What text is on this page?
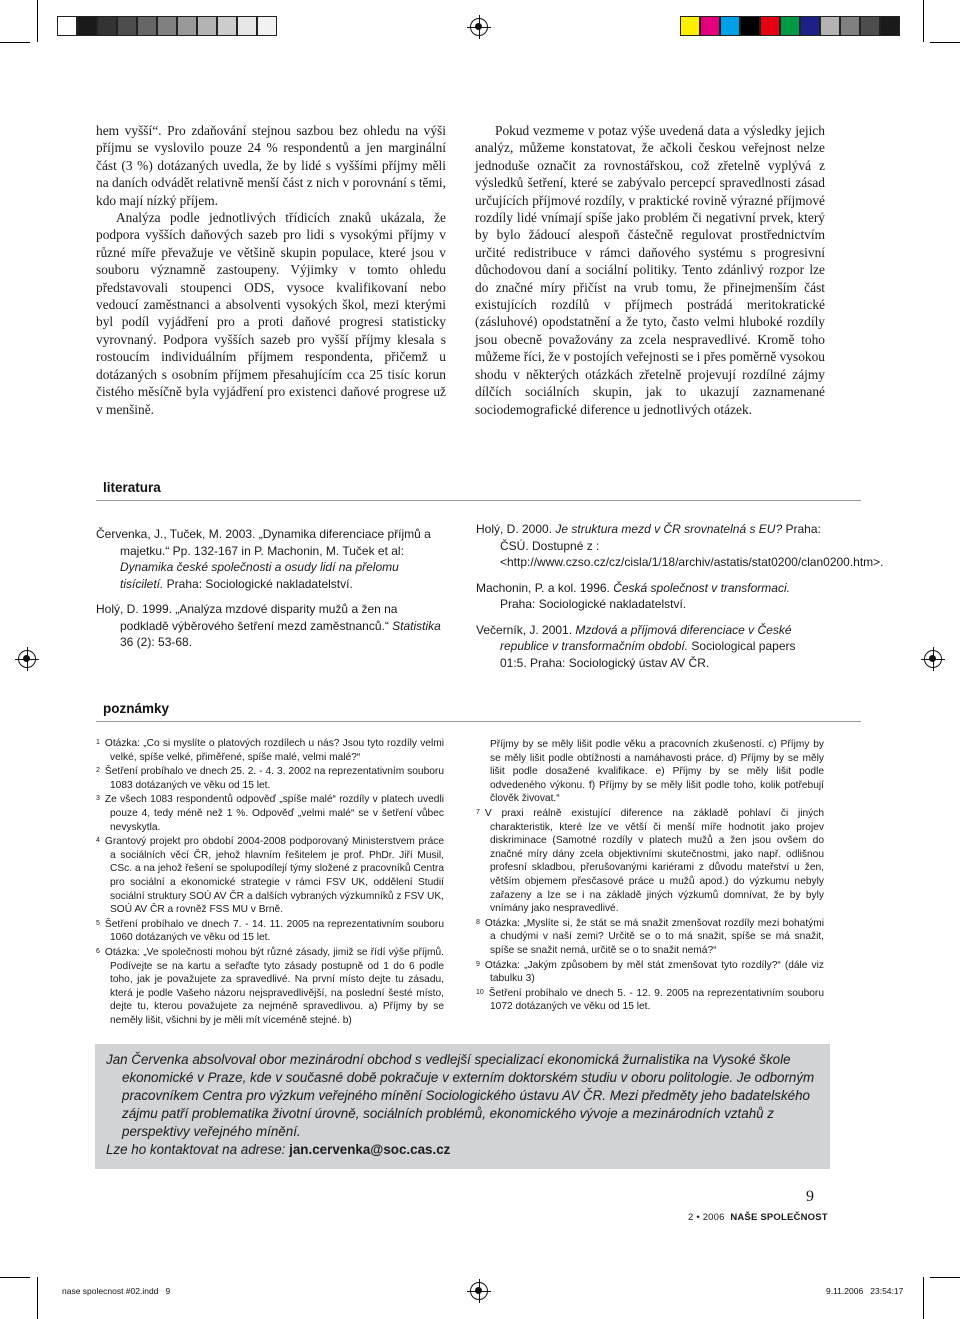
hem vyšší“. Pro zdaňování stejnou sazbou bez ohledu na výši příjmu se vyslovilo pouze 24 % respondentů a jen marginální část (3 %) dotázaných uvedla, že by lidé s vyššími příjmy měli na daních odvádět relativně menší část z nich v porovnání s těmi, kdo mají nízký příjem.

Analýza podle jednotlivých třídicích znaků ukázala, že podpora vyšších daňových sazeb pro lidi s vysokými příjmy v různé míře převažuje ve většině skupin populace, které jsou v souboru významně zastoupeny. Výjimky v tomto ohledu představovali stoupenci ODS, vysoce kvalifikovaní nebo vedoucí zaměstnanci a absolventi vysokých škol, mezi kterými byl podíl vyjádření pro a proti daňové progresi statisticky vyrovnaný. Podpora vyšších sazeb pro vyšší příjmy klesala s rostoucím individuálním příjmem respondenta, přičemž u dotázaných s osobním příjmem přesahujícím cca 25 tisíc korun čistého měsíčně byla vyjádření pro existenci daňové progrese už v menšině.

Pokud vezmeme v potaz výše uvedená data a výsledky jejich analýz, můžeme konstatovat, že ačkoli českou veřejnost nelze jednoduše označit za rovnostářskou, což zřetelně vyplývá z výsledků šetření, které se zabývalo percepcí spravedlnosti zásad určujících příjmové rozdíly, v praktické rovině výrazné příjmové rozdíly lidé vnímají spíše jako problém či negativní prvek, který by bylo žádoucí alespoň částečně regulovat prostřednictvím určité redistribuce v rámci daňového systému s progresivní důchodovou daní a sociální politiky. Tento zdánlivý rozpor lze do značné míry přičíst na vrub tomu, že přinejmenším část existujících rozdílů v příjmech postrádá meritokratické (zásluhové) opodstatnění a že tyto, často velmi hluboké rozdíly jsou obecně považovány za zcela nespravedlivé. Kromě toho můžeme říci, že v postojích veřejnosti se i přes poměrně vysokou shodu v některých otázkách zřetelně projevují rozdílné zájmy dílčích sociálních skupin, jak to ukazují zaznamenané sociodemografické diference u jednotlivých otázek.

literatura

Červenka, J., Tuček, M. 2003. „Dynamika diferenciace příjmů a majetku.“ Pp. 132-167 in P. Machonin, M. Tuček et al: Dynamika české společnosti a osudy lidí na přelomu tisíciletí. Praha: Sociologické nakladatelství.

Holý, D. 1999. „Analýza mzdové disparity mužů a žen na podkladě výběrového šetření mezd zaměstnanců.“ Statistika 36 (2): 53-68.

Holý, D. 2000. Je struktura mezd v ČR srovnatelná s EU? Praha: ČSÚ. Dostupné z : <http://www.czso.cz/cz/cisla/1/18/archiv/astatis/stat0200/clan0200.htm>.

Machonin, P. a kol. 1996. Česká společnost v transformaci. Praha: Sociologické nakladatelství.

Večerník, J. 2001. Mzdová a příjmová diferenciace v České republice v transformačním období. Sociological papers 01:5. Praha: Sociologický ústav AV ČR.

poznámky

$^1$ Otázka: „Co si myslíte o platových rozdílech u nás? Jsou tyto rozdíly velmi velké, spíše velké, přiměřené, spíše malé, velmi malé?“

$^2$ Šetření probíhalo ve dnech 25. 2. - 4. 3. 2002 na reprezentativním souboru 1083 dotázaných ve věku od 15 let.

$^3$ Ze všech 1083 respondentů odpověď „spíše malé“ rozdíly v platech uvedli pouze 4, tedy méně než 1 %. Odpověď „velmi malé“ se v šetření vůbec nevyskytla.

$^4$ Grantový projekt pro období 2004-2008 podporovaný Ministerstvem práce a sociálních věcí ČR, jehož hlavním řešitelem je prof. PhDr. Jiří Musil, CSc. a na jehož řešení se spolupodílejí týmy složené z pracovníků Centra pro sociální a ekonomické strategie v rámci FSV UK, oddělení Studií sociální struktury SOÚ AV ČR a dalších vybraných výzkumníků z FSV UK, SOÚ AV ČR a rovněž FSS MU v Brně.

$^5$ Šetření probíhalo ve dnech 7. - 14. 11. 2005 na reprezentativním souboru 1060 dotázaných ve věku od 15 let.

$^6$ Otázka: „Ve společnosti mohou být různé zásady, jimiž se řídí výše příjmů. Podívejte se na kartu a seřaďte tyto zásady postupně od 1 do 6 podle toho, jak je považujete za spravedlivé. Na první místo dejte tu zásadu, která je podle Vašeho názoru nejspravedlivější, na poslední šesté místo, dejte tu, kterou považujete za nejméně spravedlivou. a) Příjmy by se neměly lišit, všichni by je měli mít víceméně stejné. b)

Příjmy by se měly lišit podle věku a pracovních zkušeností. c) Příjmy by se měly lišit podle obtížnosti a namáhavosti práce. d) Příjmy by se měly lišit podle dosažené kvalifikace. e) Příjmy by se měly lišit podle odvedeného výkonu. f) Příjmy by se měly lišit podle toho, kolik potřebují člověk živovat.“

$^7$ V praxi reálně existující diference na základě pohlaví či jiných charakteristik, které lze ve větší či menší míře hodnotit jako projev diskriminace (Samotné rozdíly v platech mužů a žen jsou ovšem do značné míry dány zcela objektivními skutečnostmi, jako např. odlišnou profesní skladbou, přerušovanými kariérami z důvodu mateřství u žen, větším objemem přesčasové práce u mužů apod.) do výzkumu nebyly zařazeny a lze se i na základě jiných výzkumů domnívat, že by byly vnímány jako nespravedlivé.

$^8$ Otázka: „Myslíte si, že stát se má snažit zmenšovat rozdíly mezi bohatými a chudými v naší zemi? Určitě se o to má snažit, spíše se má snažit, spíše se snažit nemá, určitě se o to snažit nemá?“

$^9$ Otázka: „Jakým způsobem by měl stát zmenšovat tyto rozdíly?“ (dále viz tabulku 3)

$^{10}$ Šetření probíhalo ve dnech 5. - 12. 9. 2005 na reprezentativním souboru 1072 dotázaných ve věku od 15 let.

Jan Červenka absolvoval obor mezinárodní obchod s vedlejší specializací ekonomická žurnalistika na Vysoké škole ekonomické v Praze, kde v současné době pokračuje v externím doktorském studiu v oboru politologie. Je odborným pracovníkem Centra pro výzkum veřejného mínění Sociologického ústavu AV ČR. Mezi předměty jeho badatelského zájmu patří problematika životní úrovně, sociálních problémů, ekonomického vývoje a mezinárodních vztahů z perspektivy veřejného mínění.

Lze ho kontaktovat na adrese: jan.cervenka@soc.cas.cz

9
2 • 2006 NAŠE SPOLEČNOST
nase spolecnost #02.indd   9	9.11.2006   23:54:17
